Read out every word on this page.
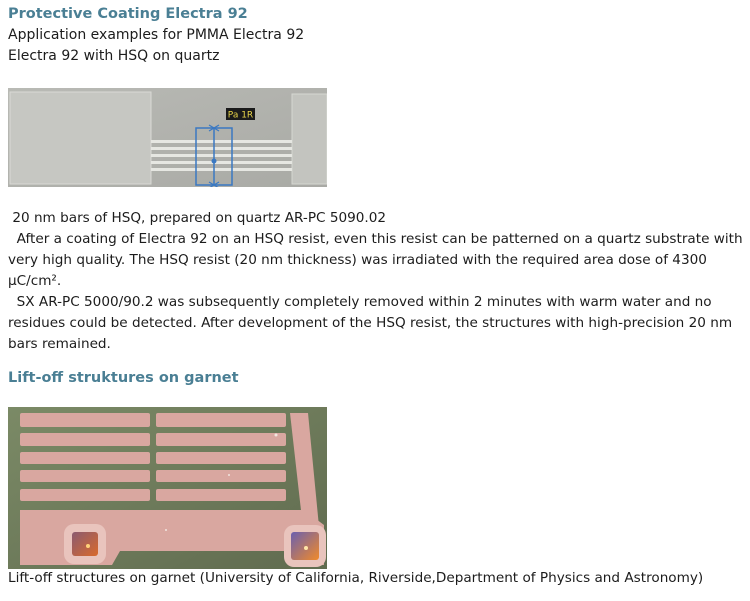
Protective Coating Electra 92
Application examples for PMMA Electra 92
Electra 92 with HSQ on quartz
Pa 1R

20 nm bars of HSQ, prepared on quartz AR-PC 5090.02

After a coating of Electra 92 on an HSQ resist, even this resist can be patterned on a quartz substrate with very high quality. The HSQ resist (20 nm thickness) was irradiated with the required area dose of 4300 µC/cm².

SX AR-PC 5000/90.2 was subsequently completely removed within 2 minutes with warm water and no residues could be detected. After development of the HSQ resist, the structures with high-precision 20 nm bars remained.

Lift-off struktures on garnet
Lift-off structures on garnet (University of California, Riverside,Department of Physics and Astronomy)
